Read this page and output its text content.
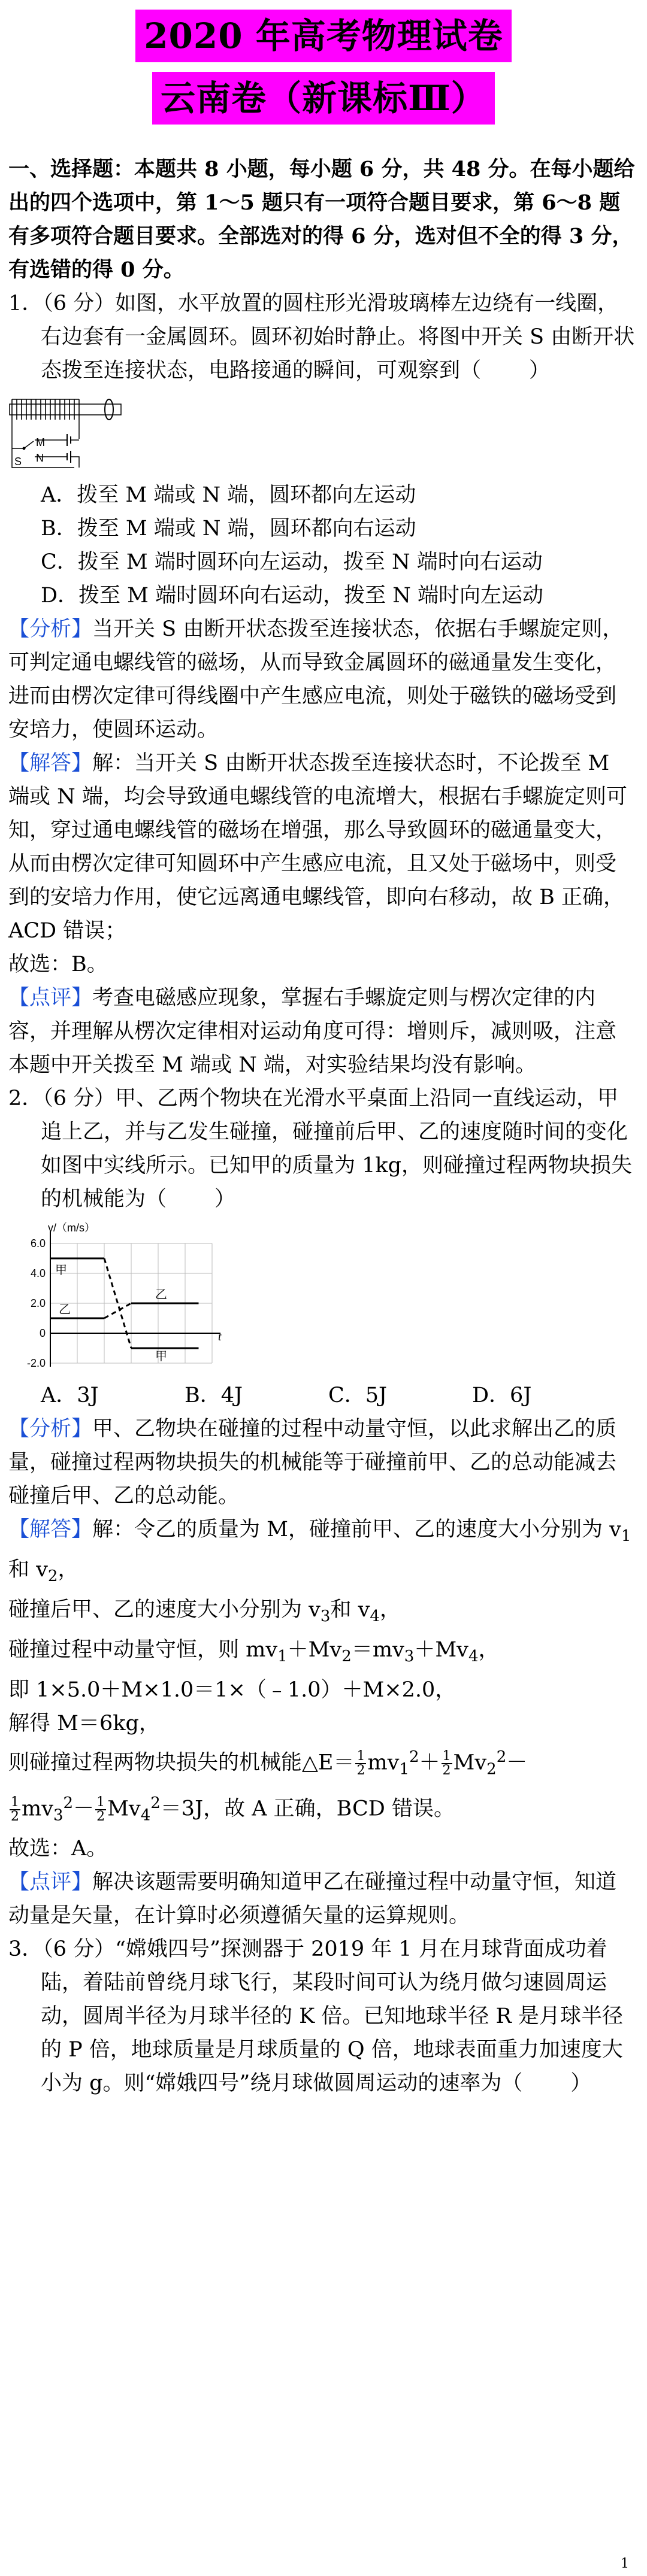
2020 年高考物理试卷
云南卷（新课标Ⅲ）

一、选择题：本题共 8 小题，每小题 6 分，共 48 分。在每小题给出的四个选项中，第 1～5 题只有一项符合题目要求，第 6～8 题有多项符合题目要求。全部选对的得 6 分，选对但不全的得 3 分，有选错的得 0 分。

1．（6 分）如图，水平放置的圆柱形光滑玻璃棒左边绕有一线圈，右边套有一金属圆环。圆环初始时静止。将图中开关 S 由断开状态拨至连接状态，电路接通的瞬间，可观察到（ ）

M
N
S

A．拨至 M 端或 N 端，圆环都向左运动

B．拨至 M 端或 N 端，圆环都向右运动

C．拨至 M 端时圆环向左运动，拨至 N 端时向右运动

D．拨至 M 端时圆环向右运动，拨至 N 端时向左运动

【分析】当开关 S 由断开状态拨至连接状态，依据右手螺旋定则，可判定通电螺线管的磁场，从而导致金属圆环的磁通量发生变化，进而由楞次定律可得线圈中产生感应电流，则处于磁铁的磁场受到安培力，使圆环运动。

【解答】解：当开关 S 由断开状态拨至连接状态时，不论拨至 M 端或 N 端，均会导致通电螺线管的电流增大，根据右手螺旋定则可知，穿过通电螺线管的磁场在增强，那么导致圆环的磁通量变大，从而由楞次定律可知圆环中产生感应电流，且又处于磁场中，则受到的安培力作用，使它远离通电螺线管，即向右移动，故 B 正确，ACD 错误；

故选：B。

【点评】考查电磁感应现象，掌握右手螺旋定则与楞次定律的内容，并理解从楞次定律相对运动角度可得：增则斥，减则吸，注意本题中开关拨至 M 端或 N 端，对实验结果均没有影响。

2．（6 分）甲、乙两个物块在光滑水平桌面上沿同一直线运动，甲追上乙，并与乙发生碰撞，碰撞前后甲、乙的速度随时间的变化如图中实线所示。已知甲的质量为 1kg，则碰撞过程两物块损失的机械能为（ ）

v/（m/s）
t
6.0
4.0
2.0
0
-2.0
甲
甲
乙
乙
A．3J	B．4J	C．5J	D．6J

【分析】甲、乙物块在碰撞的过程中动量守恒，以此求解出乙的质量，碰撞过程两物块损失的机械能等于碰撞前甲、乙的总动能减去碰撞后甲、乙的总动能。

【解答】解：令乙的质量为 M，碰撞前甲、乙的速度大小分别为 $v_1$和 $v_2$，

碰撞后甲、乙的速度大小分别为 $v_3$和 $v_4$，

碰撞过程中动量守恒，则 $mv_1+Mv_2=mv_3+Mv_4$，

即 1×5.0＋M×1.0＝1×（﹣1.0）＋M×2.0，

解得 M＝6kg，

则碰撞过程两物块损失的机械能△E＝ $\frac{1}{2} mv_1^2+ \frac{1}{2} Mv_2^2-$

$\frac{1}{2} mv_3^2- \frac{1}{2} Mv_4^2=3J$，故 A 正确，BCD 错误。

故选：A。

【点评】解决该题需要明确知道甲乙在碰撞过程中动量守恒，知道动量是矢量，在计算时必须遵循矢量的运算规则。

3．（6 分）“嫦娥四号”探测器于 2019 年 1 月在月球背面成功着陆，着陆前曾绕月球飞行，某段时间可认为绕月做匀速圆周运动，圆周半径为月球半径的 K 倍。已知地球半径 R 是月球半径的 P 倍，地球质量是月球质量的 Q 倍，地球表面重力加速度大小为 g。则“嫦娥四号”绕月球做圆周运动的速率为（ ）

1
